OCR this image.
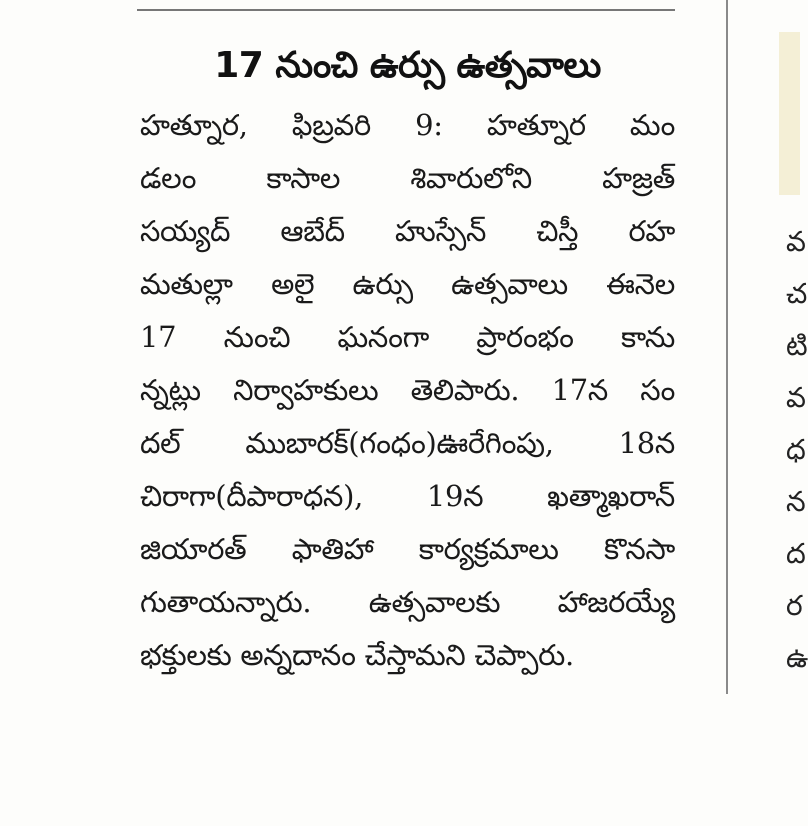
17 నుంచి ఉర్సు ఉత్సవాలు
హత్నూర, ఫిబ్రవరి 9: హత్నూర మం
డలం కాసాల శివారులోని హజ్రత్
సయ్యద్ ఆబేద్ హుస్సేన్ చిస్తీ రహ
మతుల్లా అలై ఉర్సు ఉత్సవాలు ఈనెల
17 నుంచి ఘనంగా ప్రారంభం కాను
న్నట్లు నిర్వాహకులు తెలిపారు. 17న సం
దల్ ముబారక్(గంధం)ఊరేగింపు, 18న
చిరాగా(దీపారాధన), 19న ఖత్మాఖరాన్
జియారత్ ఫాతిహా కార్యక్రమాలు కొనసా
గుతాయన్నారు. ఉత్సవాలకు హాజరయ్యే
భక్తులకు అన్నదానం చేస్తామని చెప్పారు.
వ
చ
టి
వ
ధ
న
ద
ర
ఉ
